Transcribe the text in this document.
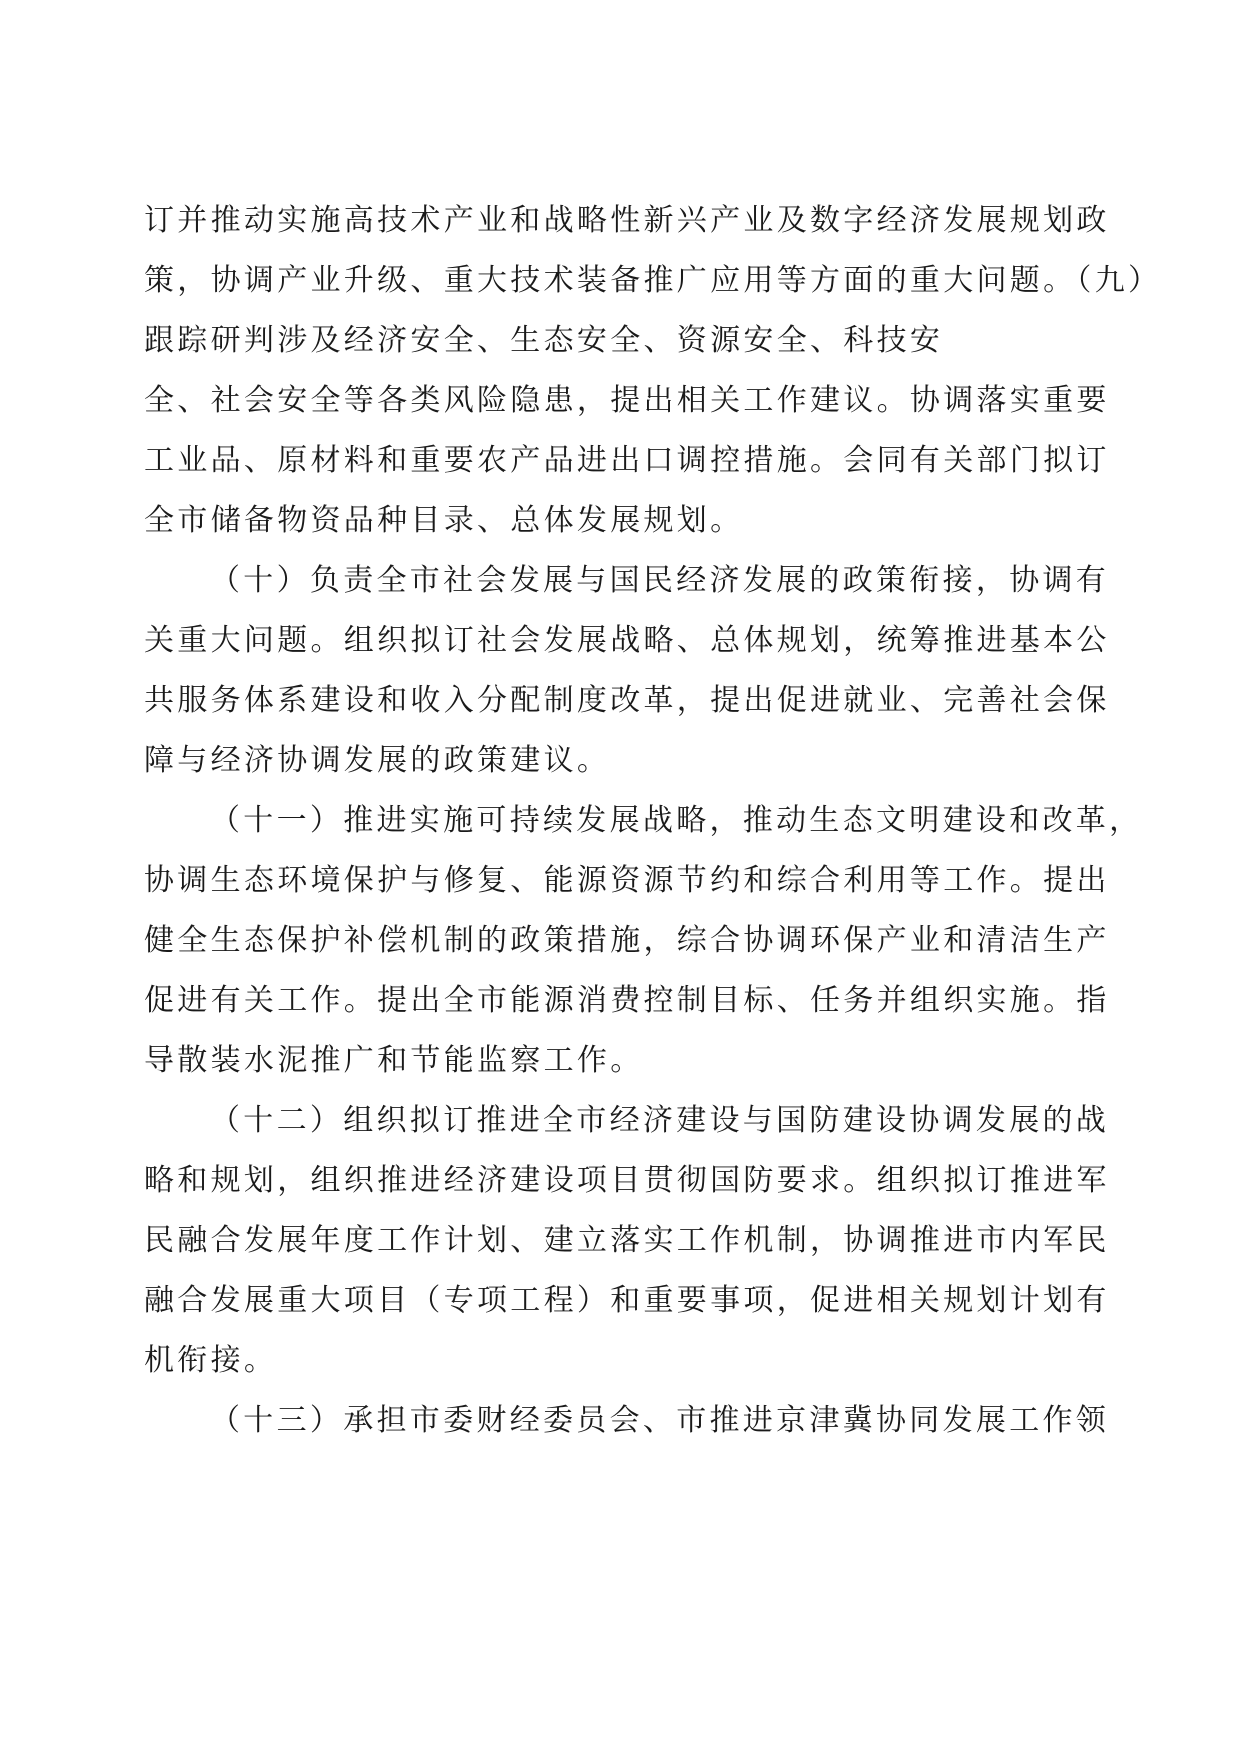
订并推动实施高技术产业和战略性新兴产业及数字经济发展规划政
策，协调产业升级、重大技术装备推广应用等方面的重大问题。（九）
跟踪研判涉及经济安全、生态安全、资源安全、科技安
全、社会安全等各类风险隐患，提出相关工作建议。协调落实重要
工业品、原材料和重要农产品进出口调控措施。会同有关部门拟订
全市储备物资品种目录、总体发展规划。
（十）负责全市社会发展与国民经济发展的政策衔接，协调有
关重大问题。组织拟订社会发展战略、总体规划，统筹推进基本公
共服务体系建设和收入分配制度改革，提出促进就业、完善社会保
障与经济协调发展的政策建议。
（十一）推进实施可持续发展战略，推动生态文明建设和改革，
协调生态环境保护与修复、能源资源节约和综合利用等工作。提出
健全生态保护补偿机制的政策措施，综合协调环保产业和清洁生产
促进有关工作。提出全市能源消费控制目标、任务并组织实施。指
导散装水泥推广和节能监察工作。
（十二）组织拟订推进全市经济建设与国防建设协调发展的战
略和规划，组织推进经济建设项目贯彻国防要求。组织拟订推进军
民融合发展年度工作计划、建立落实工作机制，协调推进市内军民
融合发展重大项目（专项工程）和重要事项，促进相关规划计划有
机衔接。
（十三）承担市委财经委员会、市推进京津冀协同发展工作领
